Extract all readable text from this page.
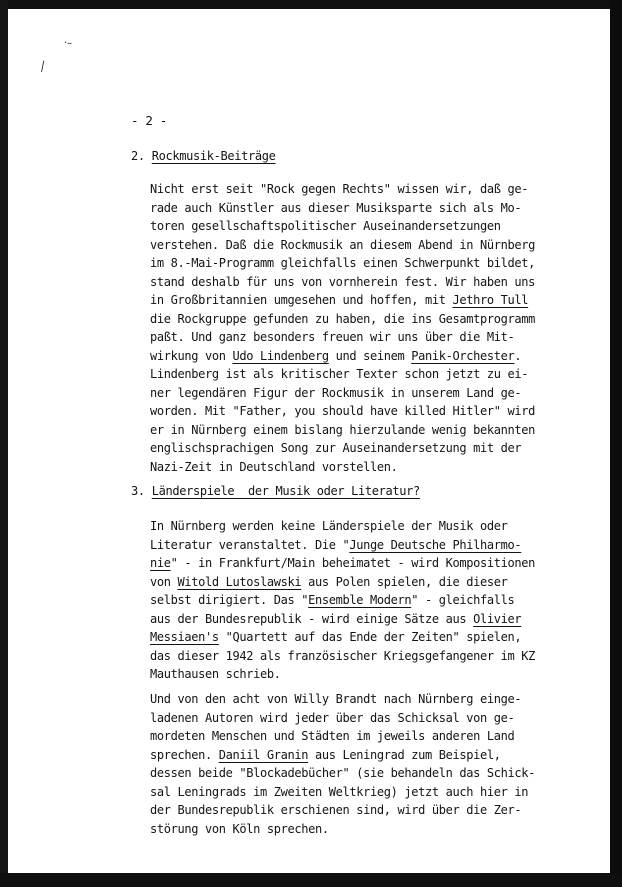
·–
⁄
- 2 -
2. Rockmusik-Beiträge
Nicht erst seit "Rock gegen Rechts" wissen wir, daß ge-
rade auch Künstler aus dieser Musiksparte sich als Mo-
toren gesellschaftspolitischer Auseinandersetzungen
verstehen. Daß die Rockmusik an diesem Abend in Nürnberg
im 8.-Mai-Programm gleichfalls einen Schwerpunkt bildet,
stand deshalb für uns von vornherein fest. Wir haben uns
in Großbritannien umgesehen und hoffen, mit Jethro Tull
die Rockgruppe gefunden zu haben, die ins Gesamtprogramm
paßt. Und ganz besonders freuen wir uns über die Mit-
wirkung von Udo Lindenberg und seinem Panik-Orchester.
Lindenberg ist als kritischer Texter schon jetzt zu ei-
ner legendären Figur der Rockmusik in unserem Land ge-
worden. Mit "Father, you should have killed Hitler" wird
er in Nürnberg einem bislang hierzulande wenig bekannten
englischsprachigen Song zur Auseinandersetzung mit der
Nazi-Zeit in Deutschland vorstellen.
3. Länderspiele  der Musik oder Literatur?
In Nürnberg werden keine Länderspiele der Musik oder
Literatur veranstaltet. Die "Junge Deutsche Philharmo-
nie" - in Frankfurt/Main beheimatet - wird Kompositionen
von Witold Lutoslawski aus Polen spielen, die dieser
selbst dirigiert. Das "Ensemble Modern" - gleichfalls
aus der Bundesrepublik - wird einige Sätze aus Olivier
Messiaen's "Quartett auf das Ende der Zeiten" spielen,
das dieser 1942 als französischer Kriegsgefangener im KZ
Mauthausen schrieb.
Und von den acht von Willy Brandt nach Nürnberg einge-
ladenen Autoren wird jeder über das Schicksal von ge-
mordeten Menschen und Städten im jeweils anderen Land
sprechen. Daniil Granin aus Leningrad zum Beispiel,
dessen beide "Blockadebücher" (sie behandeln das Schick-
sal Leningrads im Zweiten Weltkrieg) jetzt auch hier in
der Bundesrepublik erschienen sind, wird über die Zer-
störung von Köln sprechen.
